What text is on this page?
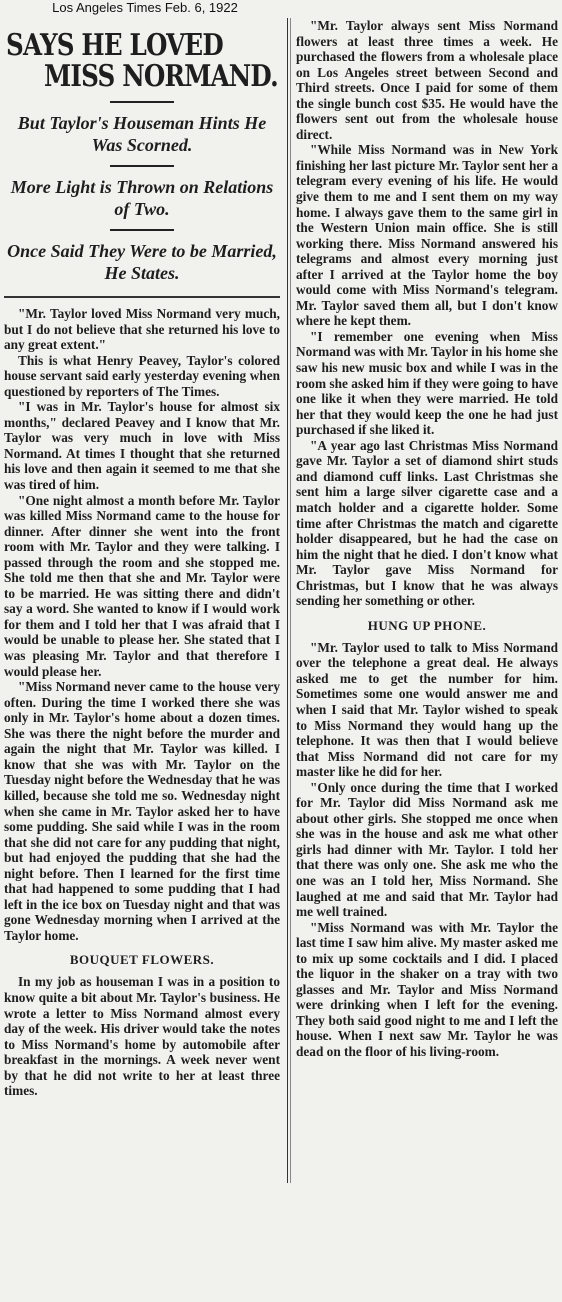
Los Angeles Times Feb. 6, 1922
SAYS HE LOVED
MISS NORMAND.

But Taylor's Houseman Hints He Was Scorned.

More Light is Thrown on Relations of Two.

Once Said They Were to be Married, He States.

"Mr. Taylor loved Miss Normand very much, but I do not believe that she returned his love to any great extent."

This is what Henry Peavey, Taylor's colored house servant said early yesterday evening when questioned by reporters of The Times.

"I was in Mr. Taylor's house for almost six months," declared Peavey and I know that Mr. Taylor was very much in love with Miss Normand. At times I thought that she returned his love and then again it seemed to me that she was tired of him.

"One night almost a month before Mr. Taylor was killed Miss Normand came to the house for dinner. After dinner she went into the front room with Mr. Taylor and they were talking. I passed through the room and she stopped me. She told me then that she and Mr. Taylor were to be married. He was sitting there and didn't say a word. She wanted to know if I would work for them and I told her that I was afraid that I would be unable to please her. She stated that I was pleasing Mr. Taylor and that therefore I would please her.

"Miss Normand never came to the house very often. During the time I worked there she was only in Mr. Taylor's home about a dozen times. She was there the night before the murder and again the night that Mr. Taylor was killed. I know that she was with Mr. Taylor on the Tuesday night before the Wednesday that he was killed, because she told me so. Wednesday night when she came in Mr. Taylor asked her to have some pudding. She said while I was in the room that she did not care for any pudding that night, but had enjoyed the pudding that she had the night before. Then I learned for the first time that had happened to some pudding that I had left in the ice box on Tuesday night and that was gone Wednesday morning when I arrived at the Taylor home.

BOUQUET FLOWERS.

In my job as houseman I was in a position to know quite a bit about Mr. Taylor's business. He wrote a letter to Miss Normand almost every day of the week. His driver would take the notes to Miss Normand's home by automobile after breakfast in the mornings. A week never went by that he did not write to her at least three times.

"Mr. Taylor always sent Miss Normand flowers at least three times a week. He purchased the flowers from a wholesale place on Los Angeles street between Second and Third streets. Once I paid for some of them the single bunch cost $35. He would have the flowers sent out from the wholesale house direct.

"While Miss Normand was in New York finishing her last picture Mr. Taylor sent her a telegram every evening of his life. He would give them to me and I sent them on my way home. I always gave them to the same girl in the Western Union main office. She is still working there. Miss Normand answered his telegrams and almost every morning just after I arrived at the Taylor home the boy would come with Miss Normand's telegram. Mr. Taylor saved them all, but I don't know where he kept them.

"I remember one evening when Miss Normand was with Mr. Taylor in his home she saw his new music box and while I was in the room she asked him if they were going to have one like it when they were married. He told her that they would keep the one he had just purchased if she liked it.

"A year ago last Christmas Miss Normand gave Mr. Taylor a set of diamond shirt studs and diamond cuff links. Last Christmas she sent him a large silver cigarette case and a match holder and a cigarette holder. Some time after Christmas the match and cigarette holder disappeared, but he had the case on him the night that he died. I don't know what Mr. Taylor gave Miss Normand for Christmas, but I know that he was always sending her something or other.

HUNG UP PHONE.

"Mr. Taylor used to talk to Miss Normand over the telephone a great deal. He always asked me to get the number for him. Sometimes some one would answer me and when I said that Mr. Taylor wished to speak to Miss Normand they would hang up the telephone. It was then that I would believe that Miss Normand did not care for my master like he did for her.

"Only once during the time that I worked for Mr. Taylor did Miss Normand ask me about other girls. She stopped me once when she was in the house and ask me what other girls had dinner with Mr. Taylor. I told her that there was only one. She ask me who the one was an I told her, Miss Normand. She laughed at me and said that Mr. Taylor had me well trained.

"Miss Normand was with Mr. Taylor the last time I saw him alive. My master asked me to mix up some cocktails and I did. I placed the liquor in the shaker on a tray with two glasses and Mr. Taylor and Miss Normand were drinking when I left for the evening. They both said good night to me and I left the house. When I next saw Mr. Taylor he was dead on the floor of his living-room.
